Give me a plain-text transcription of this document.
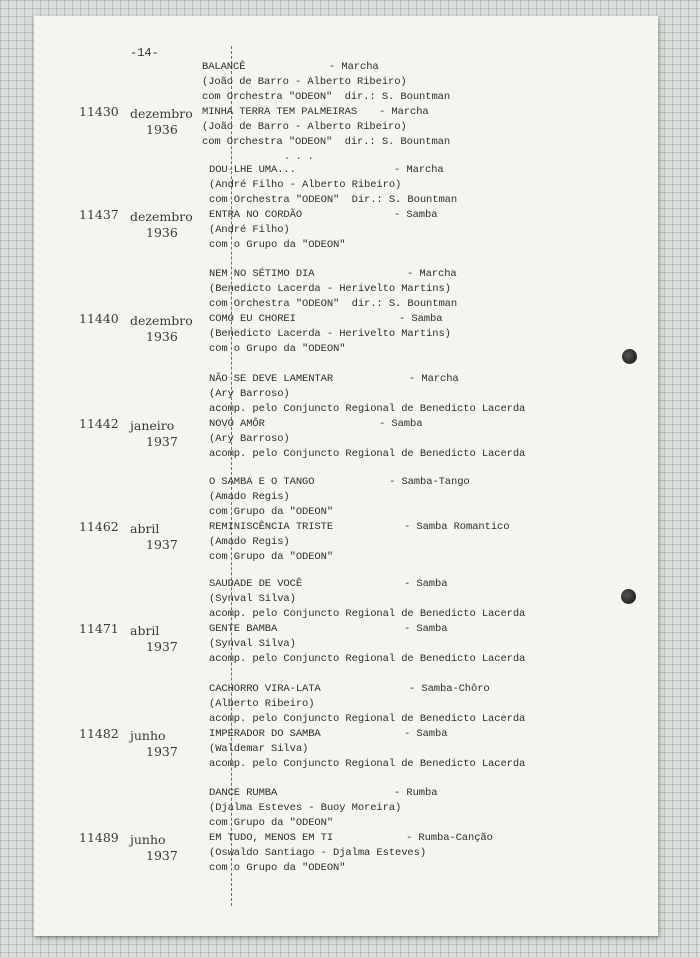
-14-
. . .
11430 dezembro
1936
BALANCÊ	- Marcha
(João de Barro - Alberto Ribeiro)
com Orchestra "ODEON"  dir.: S. Bountman
MINHA TERRA TEM PALMEIRAS - Marcha
(João de Barro - Alberto Ribeiro)
com Orchestra "ODEON"  dir.: S. Bountman
11437 dezembro
1936
DOU-LHE UMA...	- Marcha
(André Filho - Alberto Ribeiro)
com Orchestra "ODEON"  Dir.: S. Bountman
ENTRA NO CORDÃO	- Samba
(André Filho)
com o Grupo da "ODEON"
11440 dezembro
1936
NEM NO SÉTIMO DIA	- Marcha
(Benedicto Lacerda - Herivelto Martins)
com Orchestra "ODEON"  dir.: S. Bountman
COMO EU CHOREI	- Samba
(Benedicto Lacerda - Herivelto Martins)
com o Grupo da "ODEON"
11442 janeiro
1937
NÃO SE DEVE LAMENTAR	- Marcha
(Ary Barroso)
acomp. pelo Conjuncto Regional de Benedicto Lacerda
NOVO AMÔR	- Samba
(Ary Barroso)
acomp. pelo Conjuncto Regional de Benedicto Lacerda
11462 abril
1937
O SAMBA E O TANGO	- Samba-Tango
(Amado Regis)
com Grupo da "ODEON"
REMINISCÊNCIA TRISTE	- Samba Romantico
(Amado Regis)
com Grupo da "ODEON"
11471 abril
1937
SAUDADE DE VOCÊ	- Samba
(Synval Silva)
acomp. pelo Conjuncto Regional de Benedicto Lacerda
GENTE BAMBA	- Samba
(Synval Silva)
acomp. pelo Conjuncto Regional de Benedicto Lacerda
11482 junho
1937
CACHORRO VIRA-LATA	- Samba-Chôro
(Alberto Ribeiro)
acomp. pelo Conjuncto Regional de Benedicto Lacerda
IMPERADOR DO SAMBA	- Samba
(Waldemar Silva)
acomp. pelo Conjuncto Regional de Benedicto Lacerda
11489 junho
1937
DANCE RUMBA	- Rumba
(Djalma Esteves - Buoy Moreira)
com Grupo da "ODEON"
EM TUDO, MENOS EM TI	- Rumba-Canção
(Oswaldo Santiago - Djalma Esteves)
com o Grupo da "ODEON"
